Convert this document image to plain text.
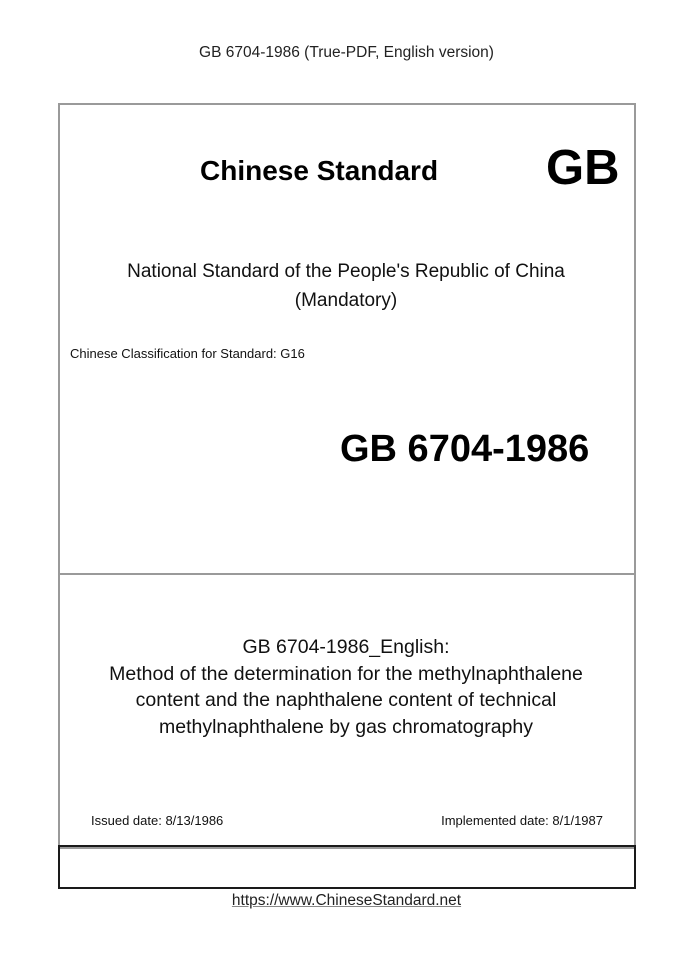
GB 6704-1986 (True-PDF, English version)
Chinese Standard GB
National Standard of the People's Republic of China
(Mandatory)
Chinese Classification for Standard: G16
GB 6704-1986
GB 6704-1986_English:
Method of the determination for the methylnaphthalene
content and the naphthalene content of technical
methylnaphthalene by gas chromatography
Issued date: 8/13/1986	Implemented date: 8/1/1987
https://www.ChineseStandard.net
